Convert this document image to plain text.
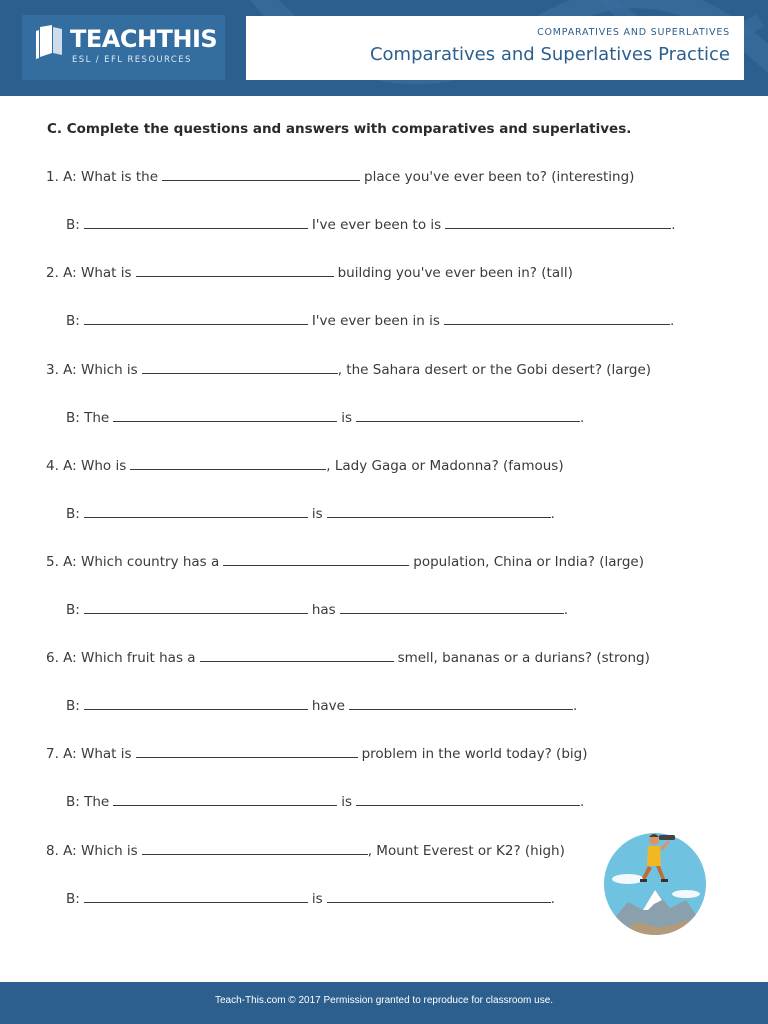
TEACHTHIS
ESL / EFL RESOURCES
COMPARATIVES AND SUPERLATIVES
Comparatives and Superlatives Practice
C. Complete the questions and answers with comparatives and superlatives.
1. A: What is the	place you've ever been to? (interesting)
B:	I've ever been to is	.
2. A: What is	building you've ever been in? (tall)
B:	I've ever been in is	.
3. A: Which is	, the Sahara desert or the Gobi desert? (large)
B: The	is	.
4. A: Who is	, Lady Gaga or Madonna? (famous)
B:	is	.
5. A: Which country has a	population, China or India? (large)
B:	has	.
6. A: Which fruit has a	smell, bananas or a durians? (strong)
B:	have	.
7. A: What is	problem in the world today? (big)
B: The	is	.
8. A: Which is	, Mount Everest or K2? (high)
B:	is	.
Teach-This.com © 2017 Permission granted to reproduce for classroom use.
